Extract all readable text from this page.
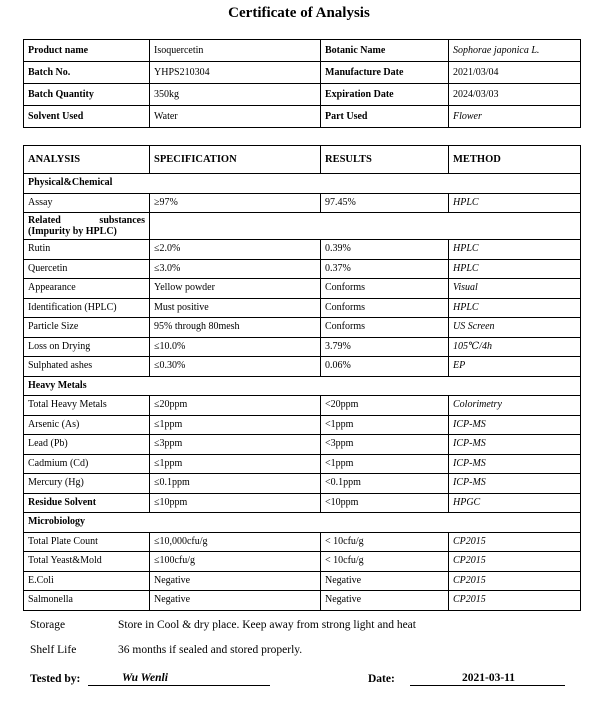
Certificate of Analysis
Product name	Isoquercetin	Botanic Name	Sophorae japonica L.
Batch No.	YHPS210304	Manufacture Date	2021/03/04
Batch Quantity	350kg	Expiration Date	2024/03/03
Solvent Used	Water	Part Used	Flower
ANALYSIS	SPECIFICATION	RESULTS	METHOD
Physical&Chemical			
Assay	≥97%	97.45%	HPLC

Related substances
(Impurity by HPLC)			

Rutin	≤2.0%	0.39%	HPLC
Quercetin	≤3.0%	0.37%	HPLC
Appearance	Yellow powder	Conforms	Visual
Identification (HPLC)	Must positive	Conforms	HPLC
Particle Size	95% through 80mesh	Conforms	US Screen
Loss on Drying	≤10.0%	3.79%	105℃/4h
Sulphated ashes	≤0.30%	0.06%	EP
Heavy Metals			
Total Heavy Metals	≤20ppm	<20ppm	Colorimetry
Arsenic (As)	≤1ppm	<1ppm	ICP-MS
Lead (Pb)	≤3ppm	<3ppm	ICP-MS
Cadmium (Cd)	≤1ppm	<1ppm	ICP-MS
Mercury (Hg)	≤0.1ppm	<0.1ppm	ICP-MS
Residue Solvent	≤10ppm	<10ppm	HPGC
Microbiology			
Total Plate Count	≤10,000cfu/g	< 10cfu/g	CP2015
Total Yeast&Mold	≤100cfu/g	< 10cfu/g	CP2015
E.Coli	Negative	Negative	CP2015
Salmonella	Negative	Negative	CP2015
Storage	Store in Cool & dry place. Keep away from strong light and heat
Shelf Life	36 months if sealed and stored properly.
Tested by:	Wu Wenli	Date:	2021-03-11
